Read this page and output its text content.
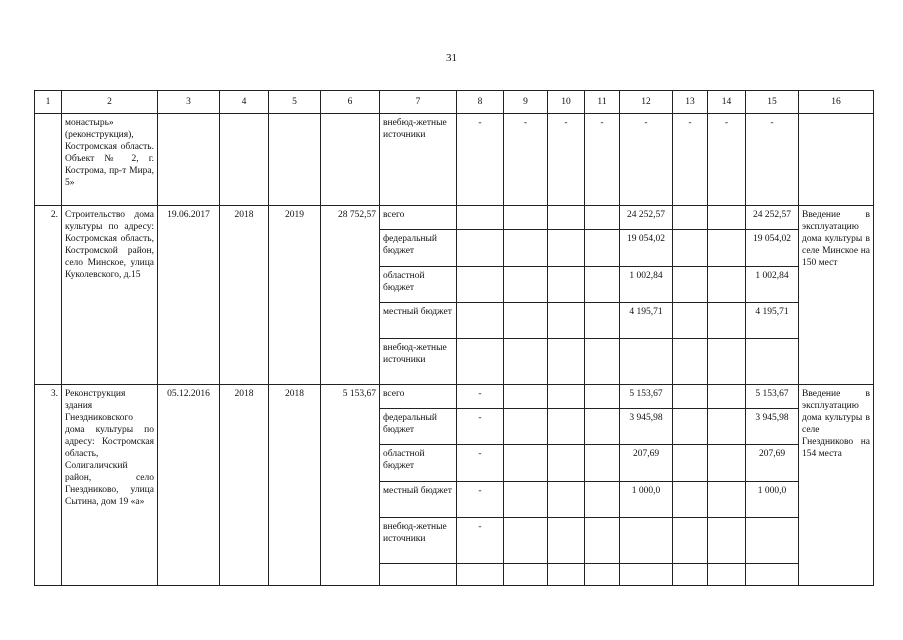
31
1	2	3	4	5	6	7	8	9	10	11	12	13	14	15	16
	монастырь» (реконструкция), Костромская область. Объект № 2, г. Кострома, пр-т Мира, 5»					внебюд-жетные источники	-	-	-	-	-	-	-	-	
2.	Строительство дома культуры по адресу: Костромская область, Костромской район, село Минское, улица Куколевского, д.15	19.06.2017	2018	2019	28 752,57	всего					24 252,57			24 252,57	Введение в эксплуатацию дома культуры в селе Минское на 150 мест
						федеральный бюджет					19 054,02			19 054,02	
						областной бюджет					1 002,84			1 002,84	
						местный бюджет					4 195,71			4 195,71	
						внебюд-жетные источники									
3.	Реконструкция здания Гнездниковского дома культуры по адресу: Костромская область, Солигаличский район, село Гнездниково, улица Сытина, дом 19 «а»	05.12.2016	2018	2018	5 153,67	всего	-				5 153,67			5 153,67	Введение в эксплуатацию дома культуры в селе Гнездниково на 154 места
						федеральный бюджет	-				3 945,98			3 945,98	
						областной бюджет	-				207,69			207,69	
						местный бюджет	-				1 000,0			1 000,0	
						внебюд-жетные источники	-								
